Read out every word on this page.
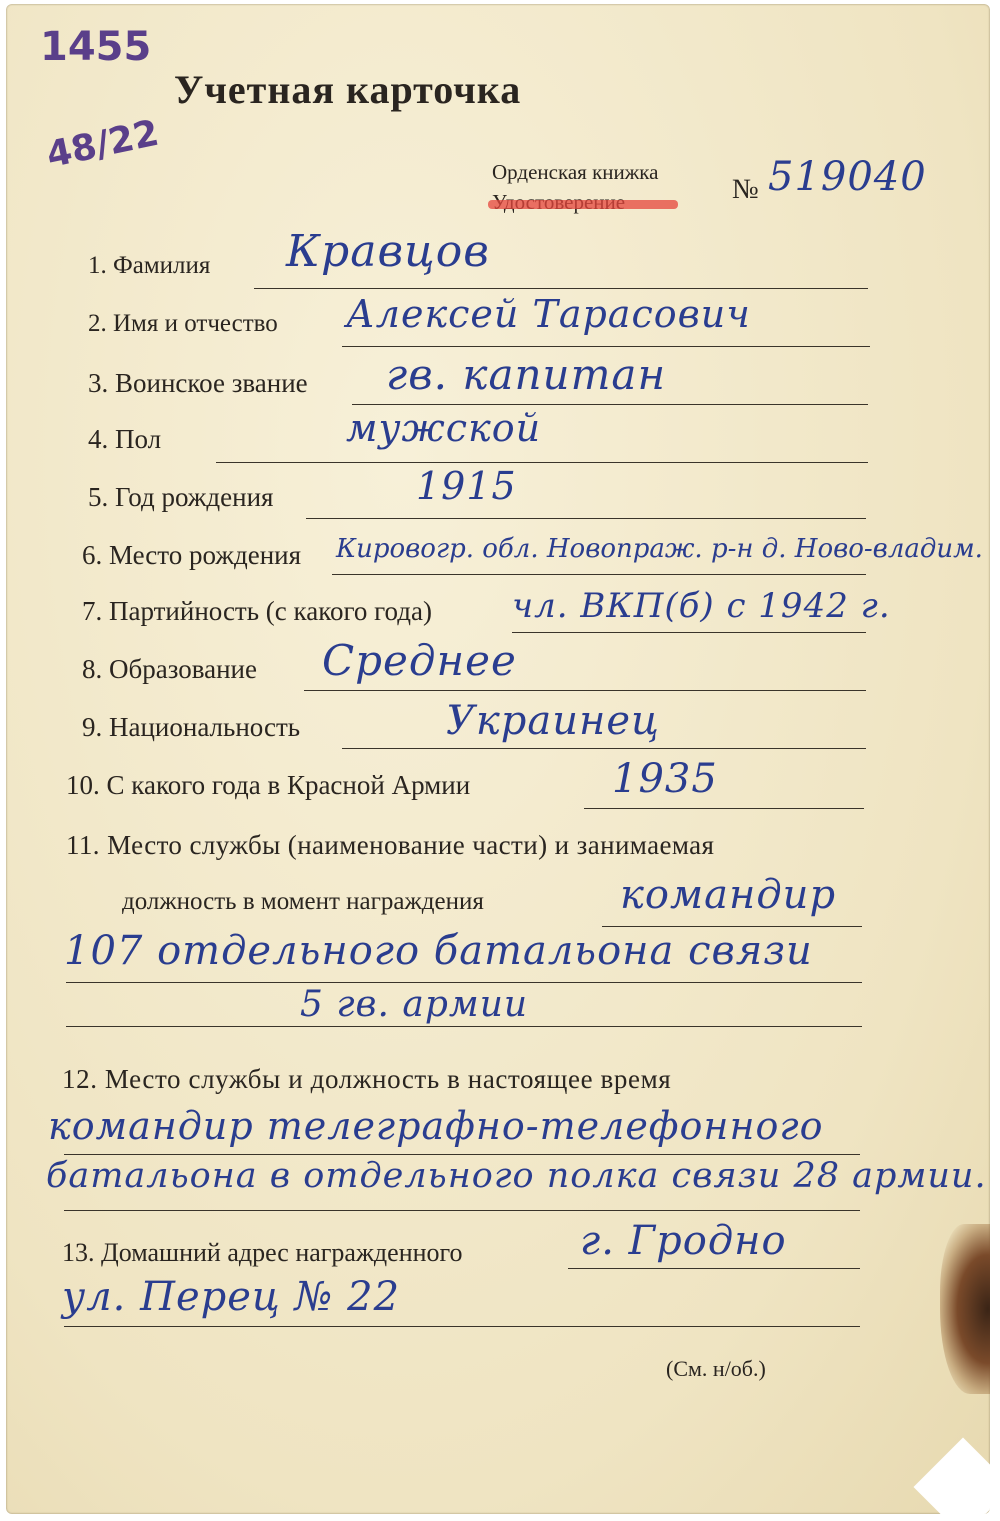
1455
48/22
Учетная карточка
Орденская книжка
№ 519040
1. Фамилия Кравцов
2. Имя и отчество Алексей Тарасович
3. Воинское звание гв. капитан
4. Пол	мужской
5. Год рождения	1915
6. Место рождения Кировогр. обл. Новопраж. р-н д. Ново-владим.
7. Партийность (с какого года) чл. ВКП(б) с 1942 г.
8. Образование Среднее
9. Национальность	Украинец
10. С какого года в Красной Армии	1935
11. Место службы (наименование части) и занимаемая
должность в момент награждения	командир
107 отдельного батальона связи
5 гв. армии
12. Место службы и должность в настоящее время
командир телеграфно-телефонного
батальона в отдельного полка связи 28 армии.
13. Домашний адрес награжденного	г. Гродно
ул. Перец № 22
(См. н/об.)
